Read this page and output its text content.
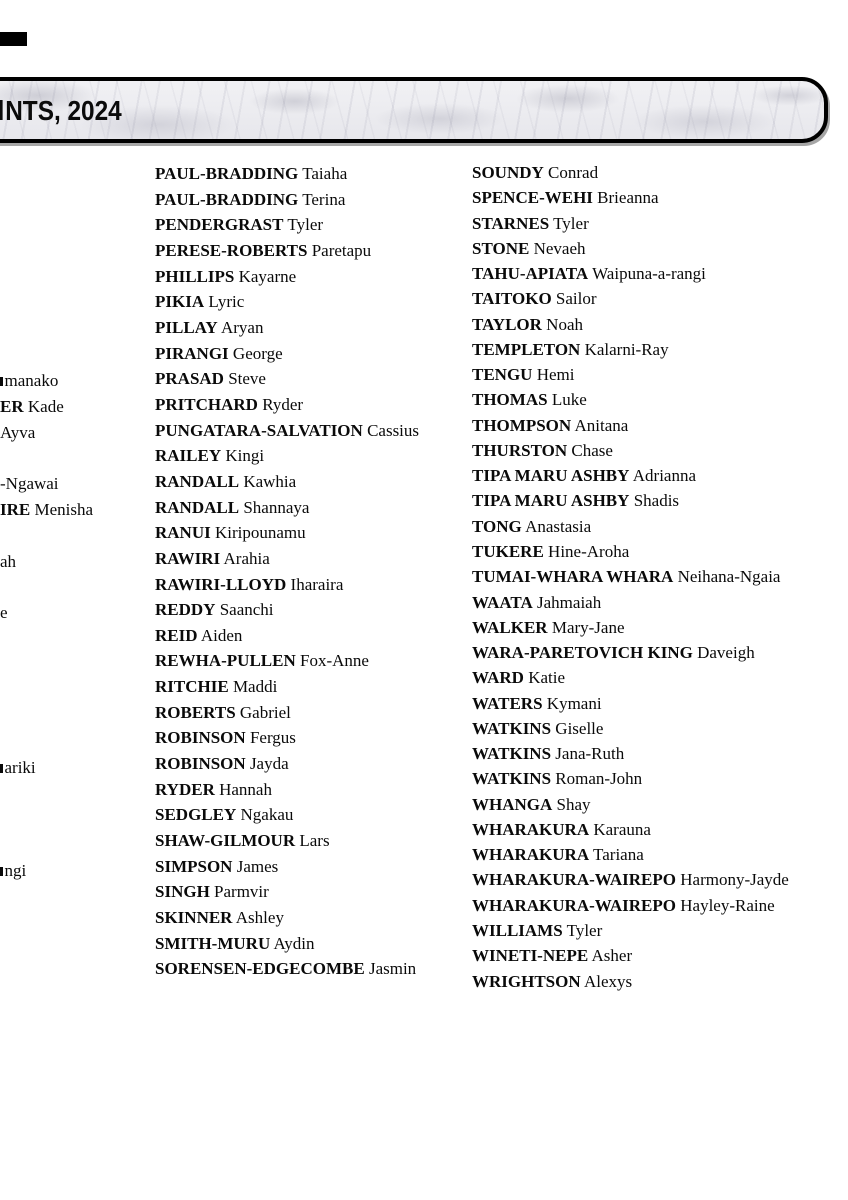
NTS, 2024
manako
ER Kade
Ayva
-Ngawai
IRE Menisha
ah
e
ariki
ngi
PAUL-BRADDING Taiaha
PAUL-BRADDING Terina
PENDERGRAST Tyler
PERESE-ROBERTS Paretapu
PHILLIPS Kayarne
PIKIA Lyric
PILLAY Aryan
PIRANGI George
PRASAD Steve
PRITCHARD Ryder
PUNGATARA-SALVATION Cassius
RAILEY Kingi
RANDALL Kawhia
RANDALL Shannaya
RANUI Kiripounamu
RAWIRI Arahia
RAWIRI-LLOYD Iharaira
REDDY Saanchi
REID Aiden
REWHA-PULLEN Fox-Anne
RITCHIE Maddi
ROBERTS Gabriel
ROBINSON Fergus
ROBINSON Jayda
RYDER Hannah
SEDGLEY Ngakau
SHAW-GILMOUR Lars
SIMPSON James
SINGH Parmvir
SKINNER Ashley
SMITH-MURU Aydin
SORENSEN-EDGECOMBE Jasmin
SOUNDY Conrad
SPENCE-WEHI Brieanna
STARNES Tyler
STONE Nevaeh
TAHU-APIATA Waipuna-a-rangi
TAITOKO Sailor
TAYLOR Noah
TEMPLETON Kalarni-Ray
TENGU Hemi
THOMAS Luke
THOMPSON Anitana
THURSTON Chase
TIPA MARU ASHBY Adrianna
TIPA MARU ASHBY Shadis
TONG Anastasia
TUKERE Hine-Aroha
TUMAI-WHARA WHARA Neihana-Ngaia
WAATA Jahmaiah
WALKER Mary-Jane
WARA-PARETOVICH KING Daveigh
WARD Katie
WATERS Kymani
WATKINS Giselle
WATKINS Jana-Ruth
WATKINS Roman-John
WHANGA Shay
WHARAKURA Karauna
WHARAKURA Tariana
WHARAKURA-WAIREPO Harmony-Jayde
WHARAKURA-WAIREPO Hayley-Raine
WILLIAMS Tyler
WINETI-NEPE Asher
WRIGHTSON Alexys
